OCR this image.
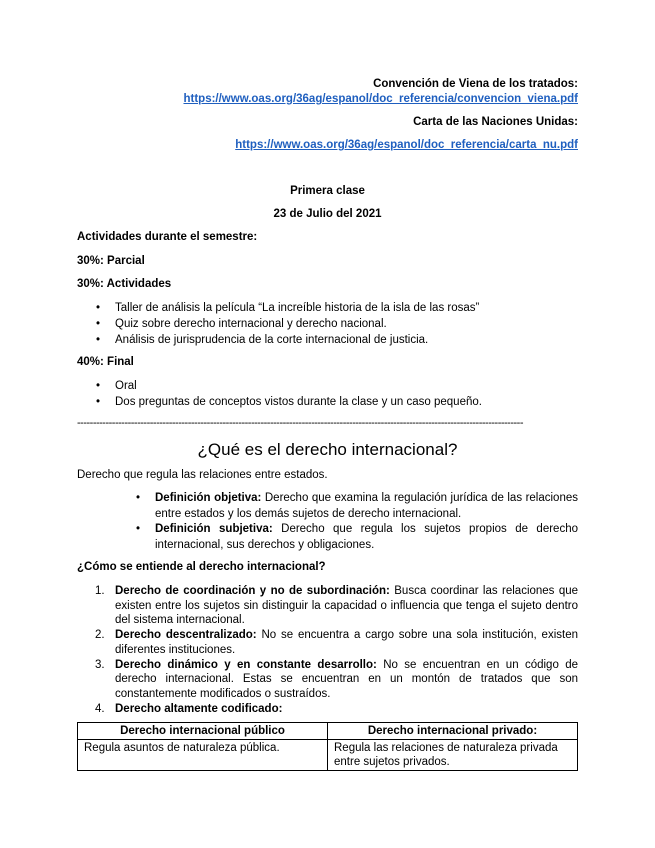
Convención de Viena de los tratados:
https://www.oas.org/36ag/espanol/doc_referencia/convencion_viena.pdf
Carta de las Naciones Unidas:
https://www.oas.org/36ag/espanol/doc_referencia/carta_nu.pdf
Primera clase
23 de Julio del 2021
Actividades durante el semestre:
30%: Parcial
30%: Actividades
• Taller de análisis la película “La increíble historia de la isla de las rosas”
• Quiz sobre derecho internacional y derecho nacional.
• Análisis de jurisprudencia de la corte internacional de justicia.
40%: Final
• Oral
• Dos preguntas de conceptos vistos durante la clase y un caso pequeño.
---------------------------------------------------------------------------------------------------------------------------------------------
¿Qué es el derecho internacional?
Derecho que regula las relaciones entre estados.
• Definición objetiva: Derecho que examina la regulación jurídica de las relaciones entre estados y los demás sujetos de derecho internacional.
• Definición subjetiva: Derecho que regula los sujetos propios de derecho internacional, sus derechos y obligaciones.
¿Cómo se entiende al derecho internacional?
1. Derecho de coordinación y no de subordinación: Busca coordinar las relaciones que existen entre los sujetos sin distinguir la capacidad o influencia que tenga el sujeto dentro del sistema internacional.
2. Derecho descentralizado: No se encuentra a cargo sobre una sola institución, existen diferentes instituciones.
3. Derecho dinámico y en constante desarrollo: No se encuentran en un código de derecho internacional. Estas se encuentran en un montón de tratados que son constantemente modificados o sustraídos.
4. Derecho altamente codificado:
Derecho internacional público	Derecho internacional privado:
Regula asuntos de naturaleza pública.	Regula las relaciones de naturaleza privada entre sujetos privados.
